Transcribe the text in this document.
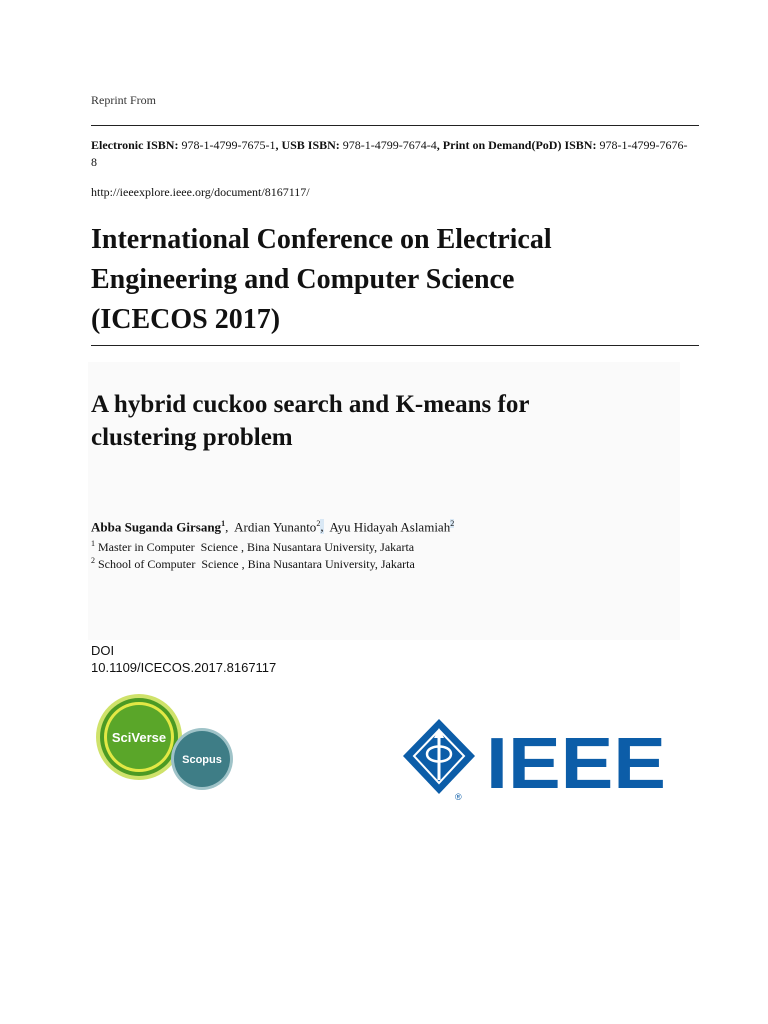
Reprint From
Electronic ISBN: 978-1-4799-7675-1, USB ISBN: 978-1-4799-7674-4, Print on Demand(PoD) ISBN: 978-1-4799-7676-8
http://ieeexplore.ieee.org/document/8167117/
International Conference on Electrical
Engineering and Computer Science
(ICECOS 2017)
A hybrid cuckoo search and K-means for
clustering problem
Abba Suganda Girsang$^1$,  Ardian Yunanto$^2$, Ayu Hidayah Aslamiah$^2$
$^1$ Master in Computer  Science , Bina Nusantara University, Jakarta
$^2$ School of Computer  Science , Bina Nusantara University, Jakarta
DOI
10.1109/ICECOS.2017.8167117
SciVerse
Scopus
® IEEE
